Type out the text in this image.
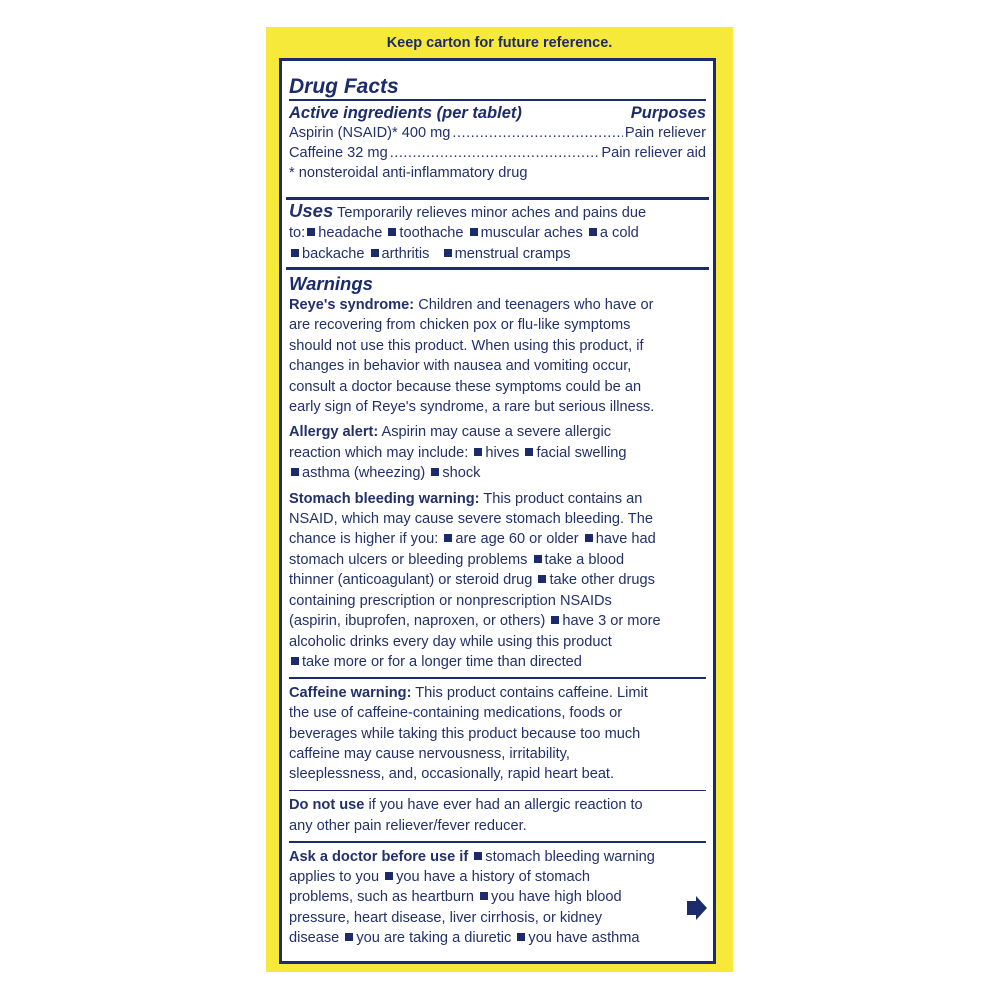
Keep carton for future reference.
Drug Facts
Active ingredients (per tablet)	Purposes
Aspirin (NSAID)* 400 mg .....	Pain reliever
Caffeine 32 mg .....	Pain reliever aid
* nonsteroidal anti-inflammatory drug
Uses Temporarily relieves minor aches and pains due
to: headache toothache muscular aches a cold
backache arthritis menstrual cramps
Warnings
Reye's syndrome: Children and teenagers who have or
are recovering from chicken pox or flu-like symptoms
should not use this product. When using this product, if
changes in behavior with nausea and vomiting occur,
consult a doctor because these symptoms could be an
early sign of Reye's syndrome, a rare but serious illness.
Allergy alert: Aspirin may cause a severe allergic
reaction which may include: hives facial swelling
asthma (wheezing) shock
Stomach bleeding warning: This product contains an
NSAID, which may cause severe stomach bleeding. The
chance is higher if you: are age 60 or older have had
stomach ulcers or bleeding problems take a blood
thinner (anticoagulant) or steroid drug take other drugs
containing prescription or nonprescription NSAIDs
(aspirin, ibuprofen, naproxen, or others) have 3 or more
alcoholic drinks every day while using this product
take more or for a longer time than directed
Caffeine warning: This product contains caffeine. Limit
the use of caffeine-containing medications, foods or
beverages while taking this product because too much
caffeine may cause nervousness, irritability,
sleeplessness, and, occasionally, rapid heart beat.
Do not use if you have ever had an allergic reaction to
any other pain reliever/fever reducer.
Ask a doctor before use if stomach bleeding warning
applies to you you have a history of stomach
problems, such as heartburn you have high blood
pressure, heart disease, liver cirrhosis, or kidney
disease you are taking a diuretic you have asthma
